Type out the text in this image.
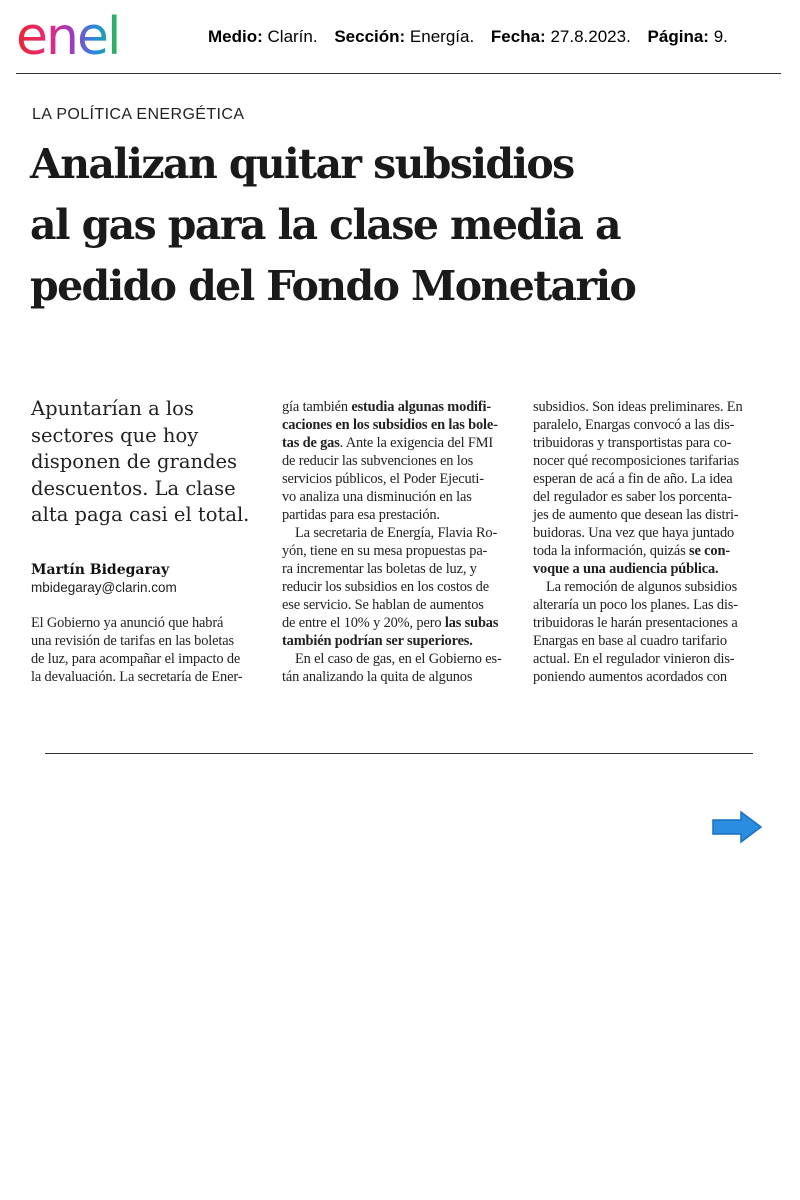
enel	Medio: Clarín. Sección: Energía. Fecha: 27.8.2023. Página: 9.
LA POLÍTICA ENERGÉTICA
Analizan quitar subsidios
al gas para la clase media a
pedido del Fondo Monetario
Apuntarían a los
sectores que hoy
disponen de grandes
descuentos. La clase
alta paga casi el total.
Martín Bidegaray
mbidegaray@clarin.com
El Gobierno ya anunció que habrá
una revisión de tarifas en las boletas
de luz, para acompañar el impacto de
la devaluación. La secretaría de Ener-
gía también estudia algunas modifi-
caciones en los subsidios en las bole-
tas de gas. Ante la exigencia del FMI
de reducir las subvenciones en los
servicios públicos, el Poder Ejecuti-
vo analiza una disminución en las
partidas para esa prestación.
La secretaria de Energía, Flavia Ro-
yón, tiene en su mesa propuestas pa-
ra incrementar las boletas de luz, y
reducir los subsidios en los costos de
ese servicio. Se hablan de aumentos
de entre el 10% y 20%, pero las subas
también podrían ser superiores.
En el caso de gas, en el Gobierno es-
tán analizando la quita de algunos
subsidios. Son ideas preliminares. En
paralelo, Enargas convocó a las dis-
tribuidoras y transportistas para co-
nocer qué recomposiciones tarifarias
esperan de acá a fin de año. La idea
del regulador es saber los porcenta-
jes de aumento que desean las distri-
buidoras. Una vez que haya juntado
toda la información, quizás se con-
voque a una audiencia pública.
La remoción de algunos subsidios
alteraría un poco los planes. Las dis-
tribuidoras le harán presentaciones a
Enargas en base al cuadro tarifario
actual. En el regulador vinieron dis-
poniendo aumentos acordados con
